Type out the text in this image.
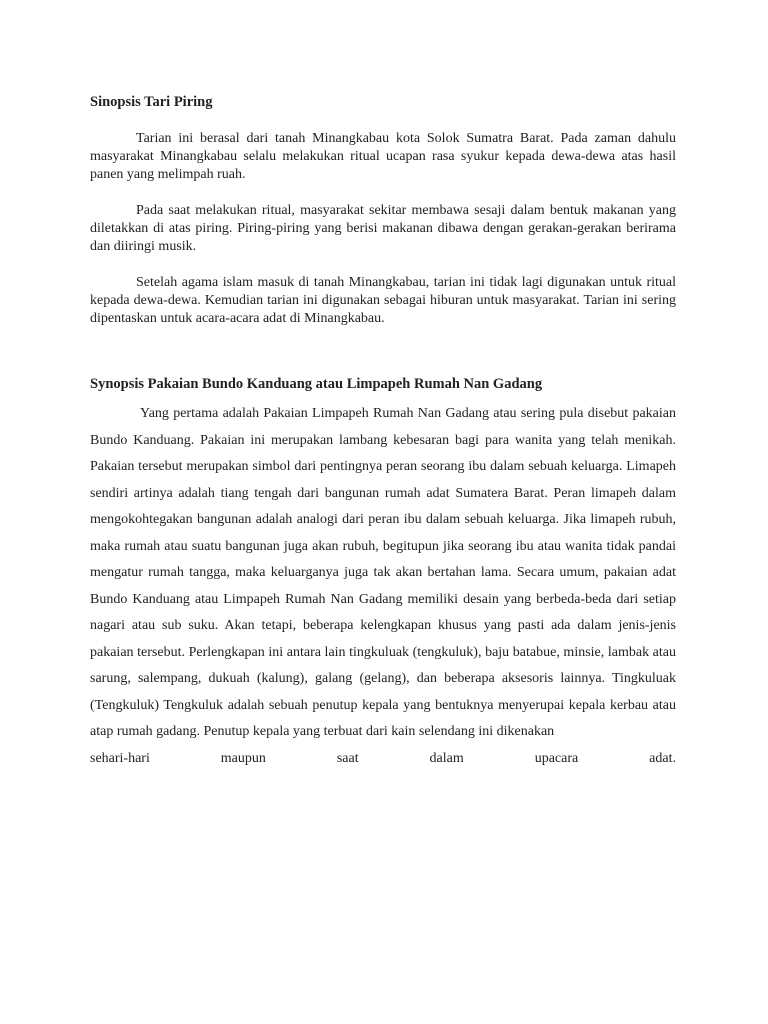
Sinopsis Tari Piring

Tarian ini berasal dari tanah Minangkabau kota Solok Sumatra Barat. Pada zaman dahulu masyarakat Minangkabau selalu melakukan ritual ucapan rasa syukur kepada dewa-dewa atas hasil panen yang melimpah ruah.

Pada saat melakukan ritual, masyarakat sekitar membawa sesaji dalam bentuk makanan yang diletakkan di atas piring. Piring-piring yang berisi makanan dibawa dengan gerakan-gerakan berirama dan diiringi musik.

Setelah agama islam masuk di tanah Minangkabau, tarian ini tidak lagi digunakan untuk ritual kepada dewa-dewa. Kemudian tarian ini digunakan sebagai hiburan untuk masyarakat. Tarian ini sering dipentaskan untuk acara-acara adat di Minangkabau.

Synopsis Pakaian Bundo Kanduang atau Limpapeh Rumah Nan Gadang

Yang pertama adalah Pakaian Limpapeh Rumah Nan Gadang atau sering pula disebut pakaian Bundo Kanduang. Pakaian ini merupakan lambang kebesaran bagi para wanita yang telah menikah. Pakaian tersebut merupakan simbol dari pentingnya peran seorang ibu dalam sebuah keluarga. Limapeh sendiri artinya adalah tiang tengah dari bangunan rumah adat Sumatera Barat. Peran limapeh dalam mengokohtegakan bangunan adalah analogi dari peran ibu dalam sebuah keluarga. Jika limapeh rubuh, maka rumah atau suatu bangunan juga akan rubuh, begitupun jika seorang ibu atau wanita tidak pandai mengatur rumah tangga, maka keluarganya juga tak akan bertahan lama. Secara umum, pakaian adat Bundo Kanduang atau Limpapeh Rumah Nan Gadang memiliki desain yang berbeda-beda dari setiap nagari atau sub suku. Akan tetapi, beberapa kelengkapan khusus yang pasti ada dalam jenis-jenis pakaian tersebut. Perlengkapan ini antara lain tingkuluak (tengkuluk), baju batabue, minsie, lambak atau sarung, salempang, dukuah (kalung), galang (gelang), dan beberapa aksesoris lainnya. Tingkuluak (Tengkuluk) Tengkuluk adalah sebuah penutup kepala yang bentuknya menyerupai kepala kerbau atau atap rumah gadang. Penutup kepala yang terbuat dari kain selendang ini dikenakan

sehari-hari	maupun	saat	dalam	upacara	adat.
